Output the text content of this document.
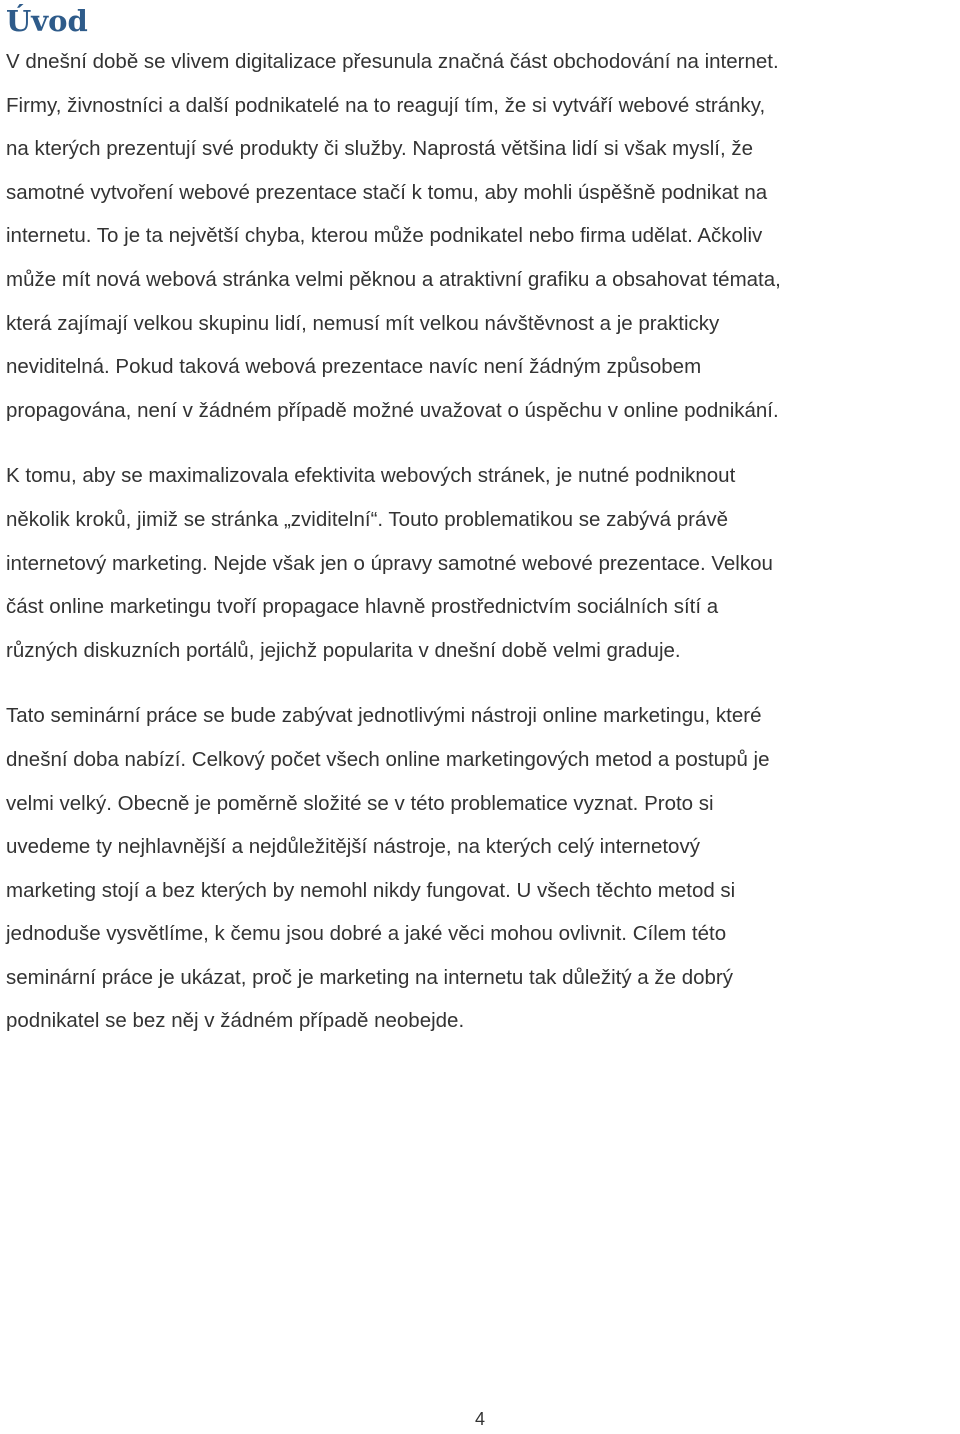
Úvod
V dnešní době se vlivem digitalizace přesunula značná část obchodování na internet.
Firmy, živnostníci a další podnikatelé na to reagují tím, že si vytváří webové stránky,
na kterých prezentují své produkty či služby. Naprostá většina lidí si však myslí, že
samotné vytvoření webové prezentace stačí k tomu, aby mohli úspěšně podnikat na
internetu. To je ta největší chyba, kterou může podnikatel nebo firma udělat. Ačkoliv
může mít nová webová stránka velmi pěknou a atraktivní grafiku a obsahovat témata,
která zajímají velkou skupinu lidí, nemusí mít velkou návštěvnost a je prakticky
neviditelná. Pokud taková webová prezentace navíc není žádným způsobem
propagována, není v žádném případě možné uvažovat o úspěchu v online podnikání.
K tomu, aby se maximalizovala efektivita webových stránek, je nutné podniknout
několik kroků, jimiž se stránka „zviditelní“. Touto problematikou se zabývá právě
internetový marketing. Nejde však jen o úpravy samotné webové prezentace. Velkou
část online marketingu tvoří propagace hlavně prostřednictvím sociálních sítí a
různých diskuzních portálů, jejichž popularita v dnešní době velmi graduje.
Tato seminární práce se bude zabývat jednotlivými nástroji online marketingu, které
dnešní doba nabízí. Celkový počet všech online marketingových metod a postupů je
velmi velký. Obecně je poměrně složité se v této problematice vyznat. Proto si
uvedeme ty nejhlavnější a nejdůležitější nástroje, na kterých celý internetový
marketing stojí a bez kterých by nemohl nikdy fungovat. U všech těchto metod si
jednoduše vysvětlíme, k čemu jsou dobré a jaké věci mohou ovlivnit. Cílem této
seminární práce je ukázat, proč je marketing na internetu tak důležitý a že dobrý
podnikatel se bez něj v žádném případě neobejde.
4
